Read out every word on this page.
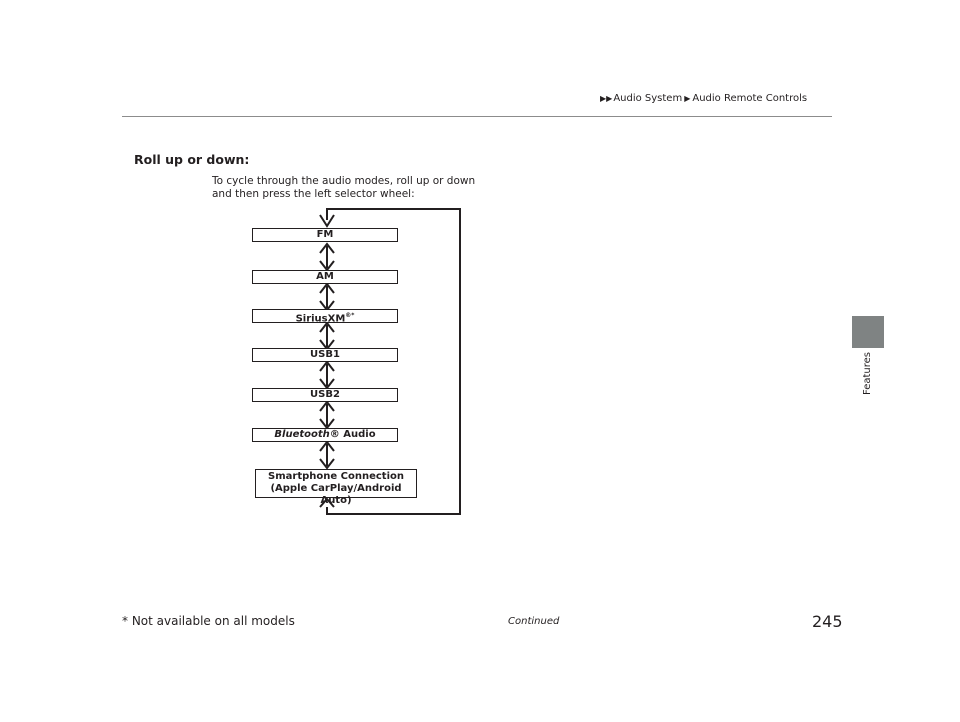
▶▶ Audio System ▶ Audio Remote Controls
Features
Roll up or down:
To cycle through the audio modes, roll up or down
and then press the left selector wheel:
FM
AM
SiriusXM®*
USB1
USB2
Bluetooth® Audio
Smartphone Connection
(Apple CarPlay/Android Auto)
* Not available on all models	Continued	245
